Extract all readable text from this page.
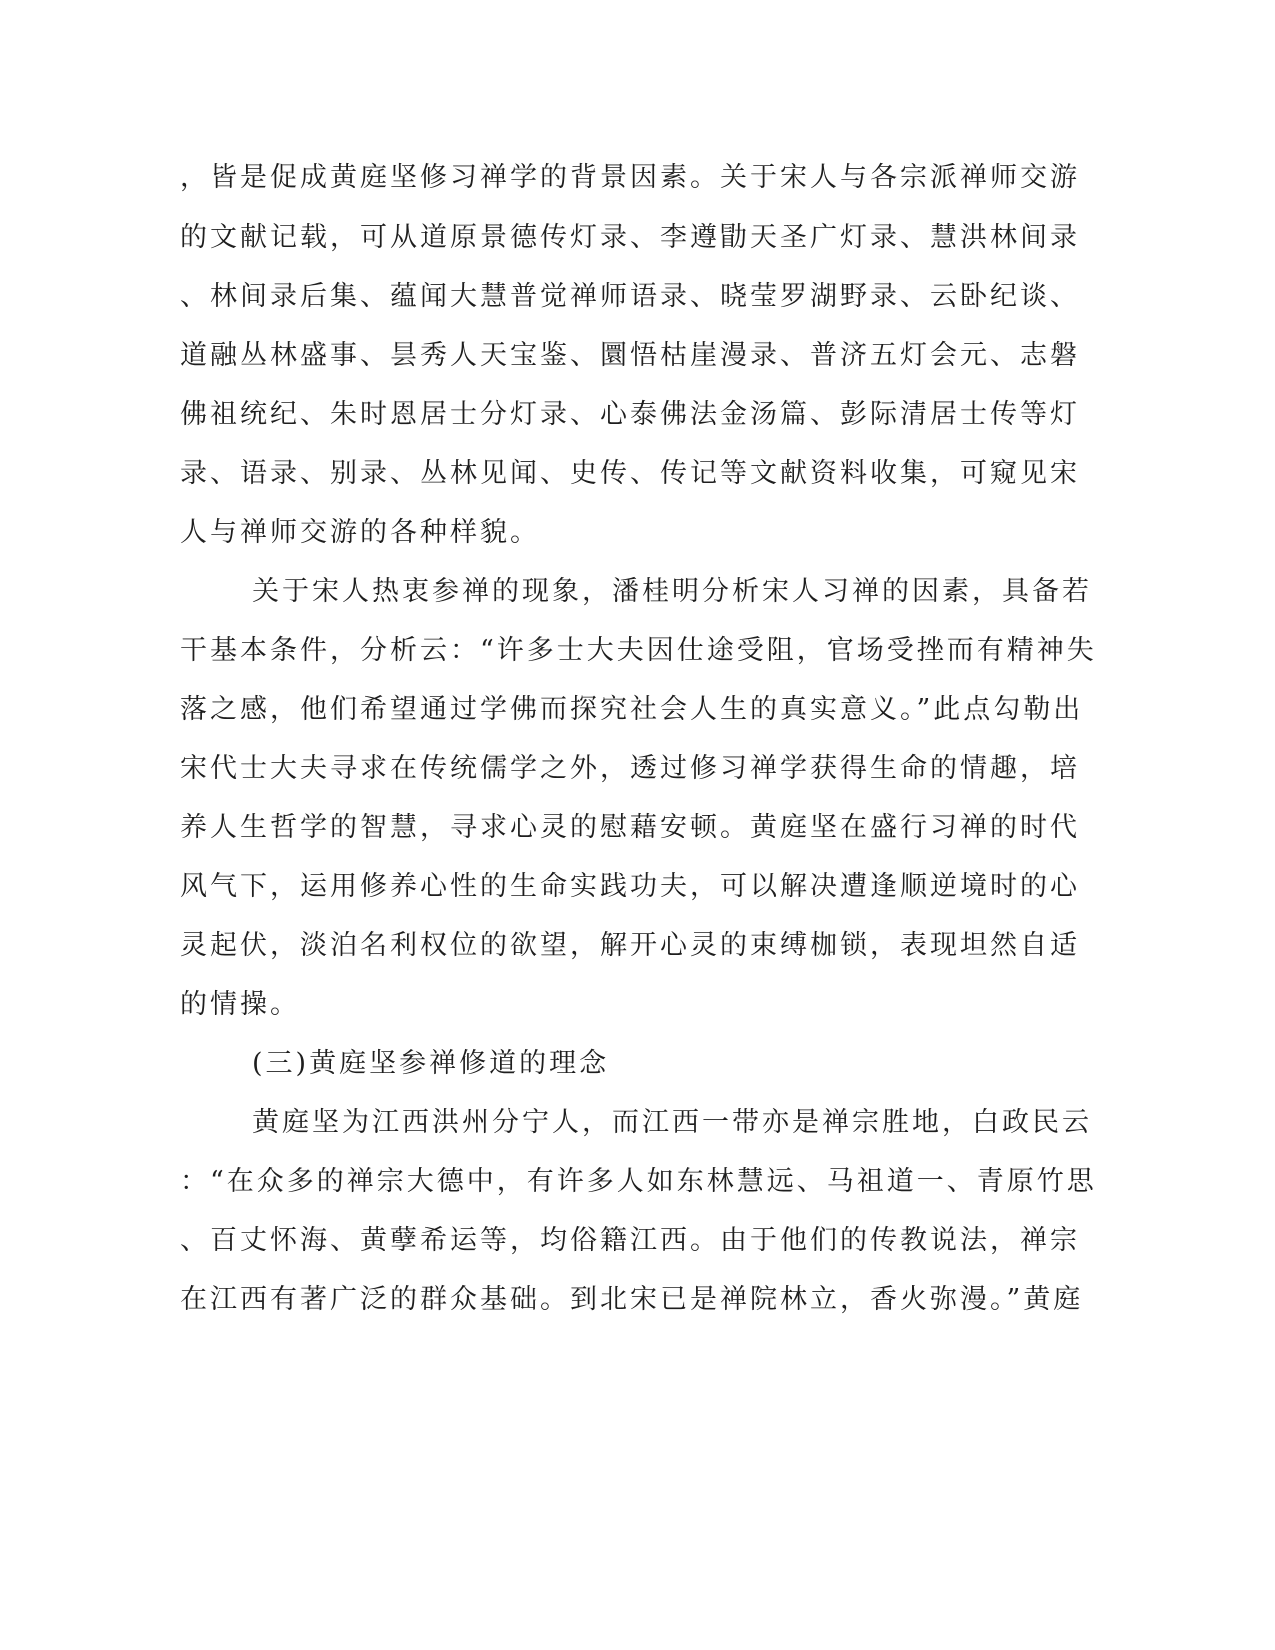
，皆是促成黄庭坚修习禅学的背景因素。关于宋人与各宗派禅师交游
的文献记载，可从道原景德传灯录、李遵勖天圣广灯录、慧洪林间录
、林间录后集、蕴闻大慧普觉禅师语录、晓莹罗湖野录、云卧纪谈、
道融丛林盛事、昙秀人天宝鉴、圜悟枯崖漫录、普济五灯会元、志磐
佛祖统纪、朱时恩居士分灯录、心泰佛法金汤篇、彭际清居士传等灯
录、语录、别录、丛林见闻、史传、传记等文献资料收集，可窥见宋
人与禅师交游的各种样貌。
关于宋人热衷参禅的现象，潘桂明分析宋人习禅的因素，具备若
干基本条件，分析云：“许多士大夫因仕途受阻，官场受挫而有精神失
落之感，他们希望通过学佛而探究社会人生的真实意义。”此点勾勒出
宋代士大夫寻求在传统儒学之外，透过修习禅学获得生命的情趣，培
养人生哲学的智慧，寻求心灵的慰藉安顿。黄庭坚在盛行习禅的时代
风气下，运用修养心性的生命实践功夫，可以解决遭逢顺逆境时的心
灵起伏，淡泊名利权位的欲望，解开心灵的束缚枷锁，表现坦然自适
的情操。
(三)黄庭坚参禅修道的理念
黄庭坚为江西洪州分宁人，而江西一带亦是禅宗胜地，白政民云
：“在众多的禅宗大德中，有许多人如东林慧远、马祖道一、青原竹思
、百丈怀海、黄孽希运等，均俗籍江西。由于他们的传教说法，禅宗
在江西有著广泛的群众基础。到北宋已是禅院林立，香火弥漫。”黄庭
